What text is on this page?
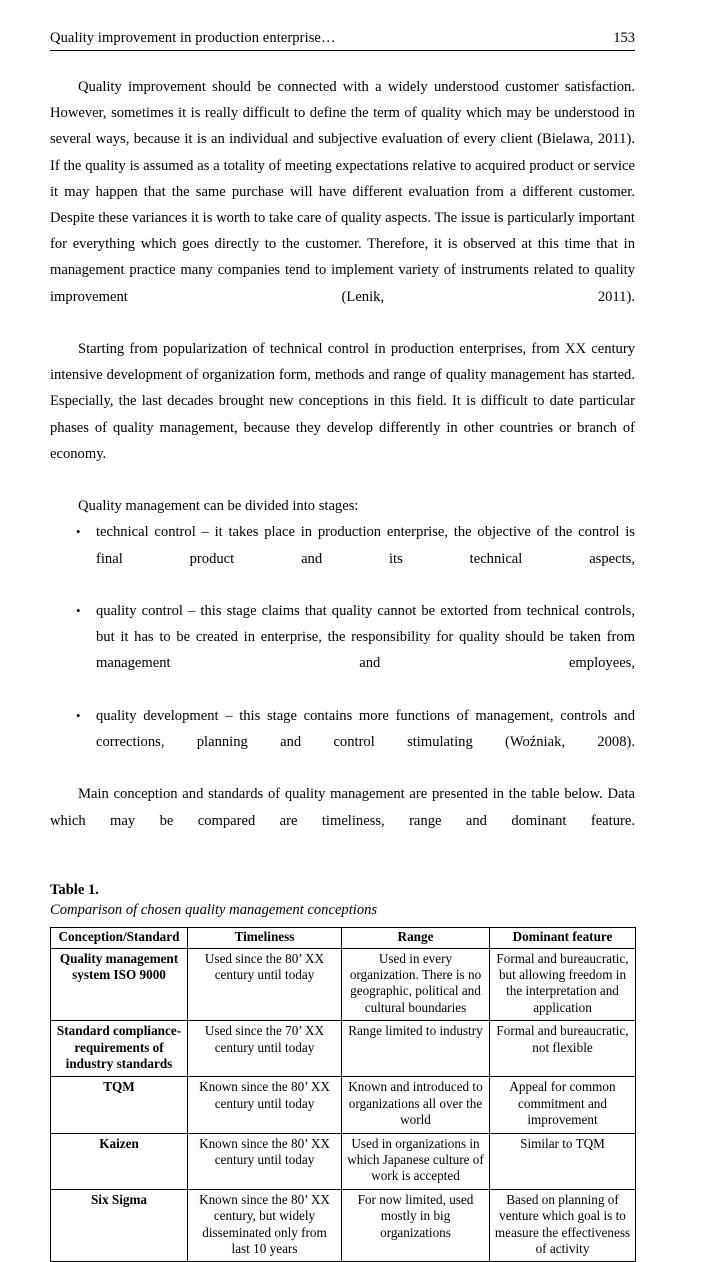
Quality improvement in production enterprise…	153

Quality improvement should be connected with a widely understood customer satisfaction. However, sometimes it is really difficult to define the term of quality which may be understood in several ways, because it is an individual and subjective evaluation of every client (Bielawa, 2011). If the quality is assumed as a totality of meeting expectations relative to acquired product or service it may happen that the same purchase will have different evaluation from a different customer. Despite these variances it is worth to take care of quality aspects. The issue is particularly important for everything which goes directly to the customer. Therefore, it is observed at this time that in management practice many companies tend to implement variety of instruments related to quality improvement (Lenik, 2011).

Starting from popularization of technical control in production enterprises, from XX century intensive development of organization form, methods and range of quality management has started. Especially, the last decades brought new conceptions in this field. It is difficult to date particular phases of quality management, because they develop differently in other countries or branch of economy.

Quality management can be divided into stages:

• technical control – it takes place in production enterprise, the objective of the control is final product and its technical aspects,
• quality control – this stage claims that quality cannot be extorted from technical controls, but it has to be created in enterprise, the responsibility for quality should be taken from management and employees,
• quality development – this stage contains more functions of management, controls and corrections, planning and control stimulating (Woźniak, 2008).

Main conception and standards of quality management are presented in the table below. Data which may be compared are timeliness, range and dominant feature.

Table 1.
Comparison of chosen quality management conceptions
Conception/Standard	Timeliness	Range	Dominant feature
Quality management system ISO 9000	Used since the 80’ XX century until today	Used in every organization. There is no geographic, political and cultural boundaries	Formal and bureaucratic, but allowing freedom in the interpretation and application
Standard compliance-requirements of industry standards	Used since the 70’ XX century until today	Range limited to industry	Formal and bureaucratic, not flexible
TQM	Known since the 80’ XX century until today	Known and introduced to organizations all over the world	Appeal for common commitment and improvement
Kaizen	Known since the 80’ XX century until today	Used in organizations in which Japanese culture of work is accepted	Similar to TQM
Six Sigma	Known since the 80’ XX century, but widely disseminated only from last 10 years	For now limited, used mostly in big organizations	Based on planning of venture which goal is to measure the effectiveness of activity
